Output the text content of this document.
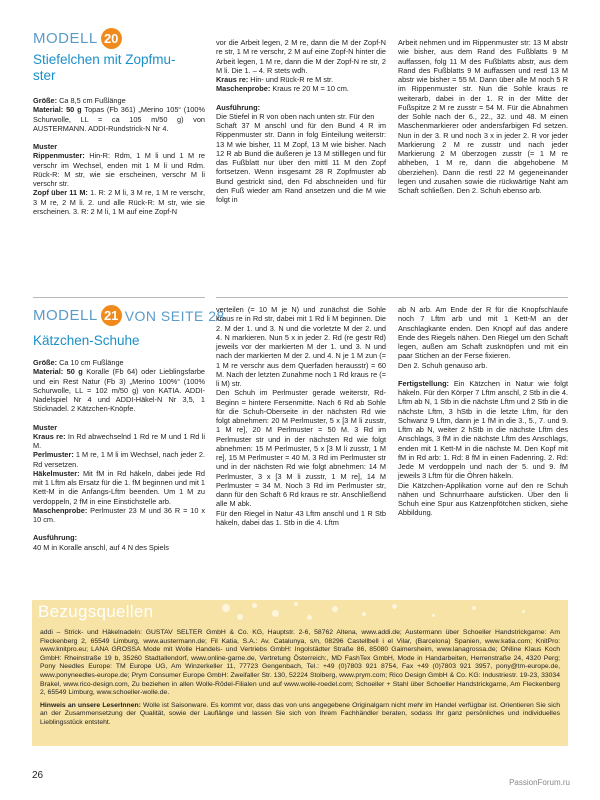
MODELL 20
Stiefelchen mit Zopfmu-
ster

Größe: Ca 8,5 cm Fußlänge

Material: 50 g Topas (Fb 361) „Merino 105“ (100% Schurwolle, LL = ca 105 m/50 g) von AUSTERMANN. ADDI-Rundstrick-N Nr 4.

Muster

Rippenmuster: Hin-R: Rdm, 1 M li und 1 M re verschr im Wechsel, enden mit 1 M li und Rdm. Rück-R: M str, wie sie erscheinen, verschr M li verschr str.

Zopf über 11 M: 1. R: 2 M li, 3 M re, 1 M re verschr, 3 M re, 2 M li. 2. und alle Rück-R: M str, wie sie erscheinen. 3. R: 2 M li, 1 M auf eine Zopf-N

vor die Arbeit legen, 2 M re, dann die M der Zopf-N re str, 1 M re verschr, 2 M auf eine Zopf-N hinter die Arbeit legen, 1 M re, dann die M der Zopf-N re str, 2 M li. Die 1. – 4. R stets wdh.

Kraus re: Hin- und Rück-R re M str.

Maschenprobe: Kraus re 20 M = 10 cm.

Ausführung:

Die Stiefel in R von oben nach unten str. Für den

Schaft 37 M anschl und für den Bund 4 R im Rippenmuster str. Dann in folg Einteilung weiterstr: 13 M wie bisher, 11 M Zopf, 13 M wie bisher. Nach 12 R ab Bund die äußeren je 13 M stilllegen und für das Fußblatt nur über den mittl 11 M den Zopf fortsetzen. Wenn insgesamt 28 R Zopfmuster ab Bund gestrickt sind, den Fd abschneiden und für den Fuß wieder am Rand ansetzen und die M wie folgt in

Arbeit nehmen und im Rippenmuster str: 13 M abstr wie bisher, aus dem Rand des Fußblatts 9 M auffassen, folg 11 M des Fußblatts abstr, aus dem Rand des Fußblatts 9 M auffassen und restl 13 M abstr wie bisher = 55 M. Dann über alle M noch 5 R im Rippenmuster str. Nun die Sohle kraus re weiterarb, dabei in der 1. R in der Mitte der Fußspitze 2 M re zusstr = 54 M. Für die Abnahmen der Sohle nach der 6., 22., 32. und 48. M einen Maschenmarkierer oder andersfarbigen Fd setzen. Nun in der 3. R und noch 3 x in jeder 2. R vor jeder Markierung 2 M re zusstr und nach jeder Markierung 2 M überzogen zusstr (= 1 M re abheben, 1 M re, dann die abgehobene M überziehen). Dann die restl 22 M gegeneinander legen und zusahen sowie die rückwärtige Naht am Schaft schließen. Den 2. Schuh ebenso arb.

MODELL 21 VON SEITE 28
Kätzchen-Schuhe

Größe: Ca 10 cm Fußlänge

Material: 50 g Koralle (Fb 64) oder Lieblingsfarbe und ein Rest Natur (Fb 3) „Merino 100%“ (100% Schurwolle, LL = 102 m/50 g) von KATIA. ADDI-Nadelspiel Nr 4 und ADDI-Häkel-N Nr 3,5, 1 Sticknadel. 2 Kätzchen-Knöpfe.

Muster

Kraus re: In Rd abwechselnd 1 Rd re M und 1 Rd li M.

Perlmuster: 1 M re, 1 M li im Wechsel, nach jeder 2. Rd versetzen.

Häkelmuster: Mit fM in Rd häkeln, dabei jede Rd mit 1 Lftm als Ersatz für die 1. fM beginnen und mit 1 Kett-M in die Anfangs-Lftm beenden. Um 1 M zu verdoppeln, 2 fM in eine Einstichstelle arb.

Maschenprobe: Perlmuster 23 M und 36 R = 10 x 10 cm.

Ausführung:

40 M in Koralle anschl, auf 4 N des Spiels

verteilen (= 10 M je N) und zunächst die Sohle kraus re in Rd str, dabei mit 1 Rd li M beginnen. Die 2. M der 1. und 3. N und die vorletzte M der 2. und 4. N markieren. Nun 5 x in jeder 2. Rd (re gestr Rd) jeweils vor der markierten M der 1. und 3. N und nach der markierten M der 2. und 4. N je 1 M zun (= 1 M re verschr aus dem Querfaden herausstr) = 60 M. Nach der letzten Zunahme noch 1 Rd kraus re (= li M) str.

Den Schuh im Perlmuster gerade weiterstr, Rd-Beginn = hintere Fersenmitte. Nach 6 Rd ab Sohle für die Schuh-Oberseite in der nächsten Rd wie folgt abnehmen: 20 M Perlmuster, 5 x [3 M li zusstr, 1 M re], 20 M Perlmuster = 50 M. 3 Rd im Perlmuster str und in der nächsten Rd wie folgt abnehmen: 15 M Perlmuster, 5 x [3 M li zusstr, 1 M re], 15 M Perlmuster = 40 M. 3 Rd im Perlmuster str und in der nächsten Rd wie folgt abnehmen: 14 M Perlmuster, 3 x [3 M li zusstr, 1 M re], 14 M Perlmuster = 34 M. Noch 3 Rd im Perlmuster str, dann für den Schaft 6 Rd kraus re str. Anschließend alle M abk.

Für den Riegel in Natur 43 Lftm anschl und 1 R Stb häkeln, dabei das 1. Stb in die 4. Lftm

ab N arb. Am Ende der R für die Knopfschlaufe noch 7 Lftm arb und mit 1 Kett-M an der Anschlagkante enden. Den Knopf auf das andere Ende des Riegels nähen. Den Riegel um den Schaft legen, außen am Schaft zusknöpfen und mit ein paar Stichen an der Ferse fixieren.

Den 2. Schuh genauso arb.

Fertigstellung: Ein Kätzchen in Natur wie folgt häkeln. Für den Körper 7 Lftm anschl, 2 Stb in die 4. Lftm ab N, 1 Stb in die nächste Lftm und 2 Stb in die nächste Lftm, 3 hStb in die letzte Lftm, für den Schwanz 9 Lftm, dann je 1 fM in die 3., 5., 7. und 9. Lftm ab N, weiter 2 hStb in die nächste Lftm des Anschlags, 3 fM in die nächste Lftm des Anschlags, enden mit 1 Kett-M in die nächste M. Den Kopf mit fM in Rd arb: 1. Rd: 8 fM in einen Fadenring. 2. Rd: Jede M verdoppeln und nach der 5. und 9. fM jeweils 3 Lftm für die Öhren häkeln.

Die Kätzchen-Applikation vorne auf den re Schuh nähen und Schnurrhaare aufsticken. Über den li Schuh eine Spur aus Katzenpfötchen sticken, siehe Abbildung.

Bezugsquellen

addi – Strick- und Häkelnadeln: GUSTAV SELTER GmbH & Co. KG, Hauptstr. 2-6, 58762 Altena, www.addi.de; Austermann über Schoeller Handstrickgarne: Am Fleckenberg 2, 65549 Limburg, www.austermann.de; Fil Katia, S.A.: Av. Catalunya, s/n, 08296 Castellbell i el Vilar, (Barcelona) Spanien, www.katia.com; KnitPro: www.knitpro.eu; LANA GROSSA Mode mit Wolle Handels- und Vertriebs GmbH: Ingolstädter Straße 86, 85080 Gaimersheim, www.lanagrossa.de; ONline Klaus Koch GmbH: Rheinstraße 19 b, 35260 Stadtallendorf, www.online-garne.de, Vertretung Österreich:, MD FashTex GmbH, Mode in Handarbeiten, Herrenstraße 24, 4320 Perg; Pony Needles Europe: TM Europe UG, Am Winzerkeller 11, 77723 Gengenbach, Tel.: +49 (0)7803 921 8754, Fax +49 (0)7803 921 3957, pony@tm-europe.de, www.ponyneedles-europe.de; Prym Consumer Europe GmbH: Zweifaller Str. 130, 52224 Stolberg, www.prym.com; Rico Design GmbH & Co. KG: Industriestr. 19-23, 33034 Brakel, www.rico-design.com, Zu beziehen in allen Wolle-Rödel-Filialen und auf www.wolle-roedel.com; Schoeller + Stahl über Schoeller Handstrickgarne, Am Fleckenberg 2, 65549 Limburg, www.schoeller-wolle.de.

Hinweis an unsere LeserInnen: Wolle ist Saisonware. Es kommt vor, dass das von uns angegebene Originalgarn nicht mehr im Handel verfügbar ist. Orientieren Sie sich an der Zusammensetzung der Qualität, sowie der Lauflänge und lassen Sie sich von Ihrem Fachhändler beraten, sodass Ihr ganz persönliches und individuelles Lieblingsstück entsteht.

26
PassionForum.ru
